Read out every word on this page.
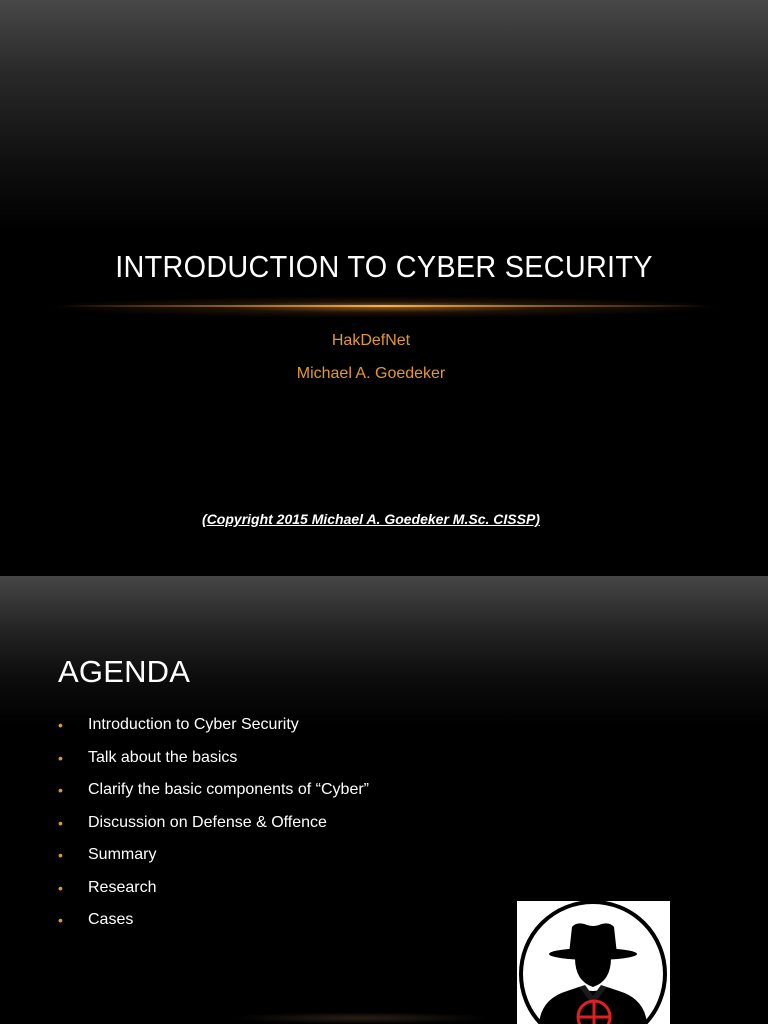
INTRODUCTION TO CYBER SECURITY
HakDefNet
Michael A. Goedeker
(Copyright 2015 Michael A. Goedeker M.Sc. CISSP)
AGENDA
• Introduction to Cyber Security
• Talk about the basics
• Clarify the basic components of “Cyber”
• Discussion on Defense & Offence
• Summary
• Research
• Cases
